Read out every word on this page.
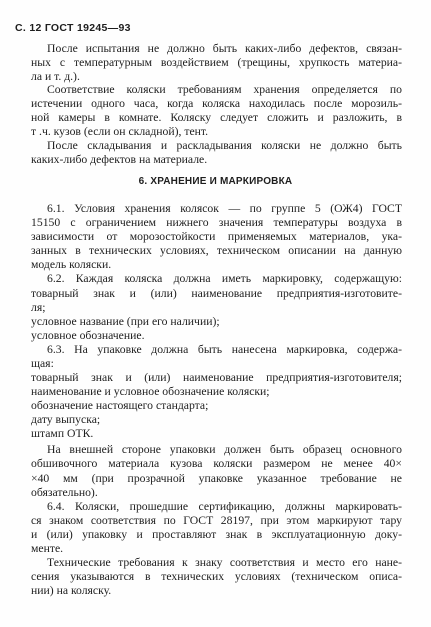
С. 12 ГОСТ 19245—93
После испытания не должно быть каких-либо дефектов, связан-
ных с температурным воздействием (трещины, хрупкость материа-
ла и т. д.).
Соответствие коляски требованиям хранения определяется по
истечении одного часа, когда коляска находилась после морозиль-
ной камеры в комнате. Коляску следует сложить и разложить, в
т .ч. кузов (если он складной), тент.
После складывания и раскладывания коляски не должно быть
каких-либо дефектов на материале.
6. ХРАНЕНИЕ И МАРКИРОВКА
6.1. Условия хранения колясок — по группе 5 (ОЖ4) ГОСТ
15150 с ограничением нижнего значения температуры воздуха в
зависимости от морозостойкости применяемых материалов, ука-
занных в технических условиях, техническом описании на данную
модель коляски.
6.2. Каждая коляска должна иметь маркировку, содержащую:
товарный знак и (или) наименование предприятия-изготовите-
ля;
условное название (при его наличии);
условное обозначение.
6.3. На упаковке должна быть нанесена маркировка, содержа-
щая:
товарный знак и (или) наименование предприятия-изготовителя;
наименование и условное обозначение коляски;
обозначение настоящего стандарта;
дату выпуска;
штамп ОТК.
На внешней стороне упаковки должен быть образец основного
обшивочного материала кузова коляски размером не менее 40×
×40 мм (при прозрачной упаковке указанное требование не
обязательно).
6.4. Коляски, прошедшие сертификацию, должны маркировать-
ся знаком соответствия по ГОСТ 28197, при этом маркируют тару
и (или) упаковку и проставляют знак в эксплуатационную доку-
менте.
Технические требования к знаку соответствия и место его нане-
сения указываются в технических условиях (техническом описа-
нии) на коляску.
